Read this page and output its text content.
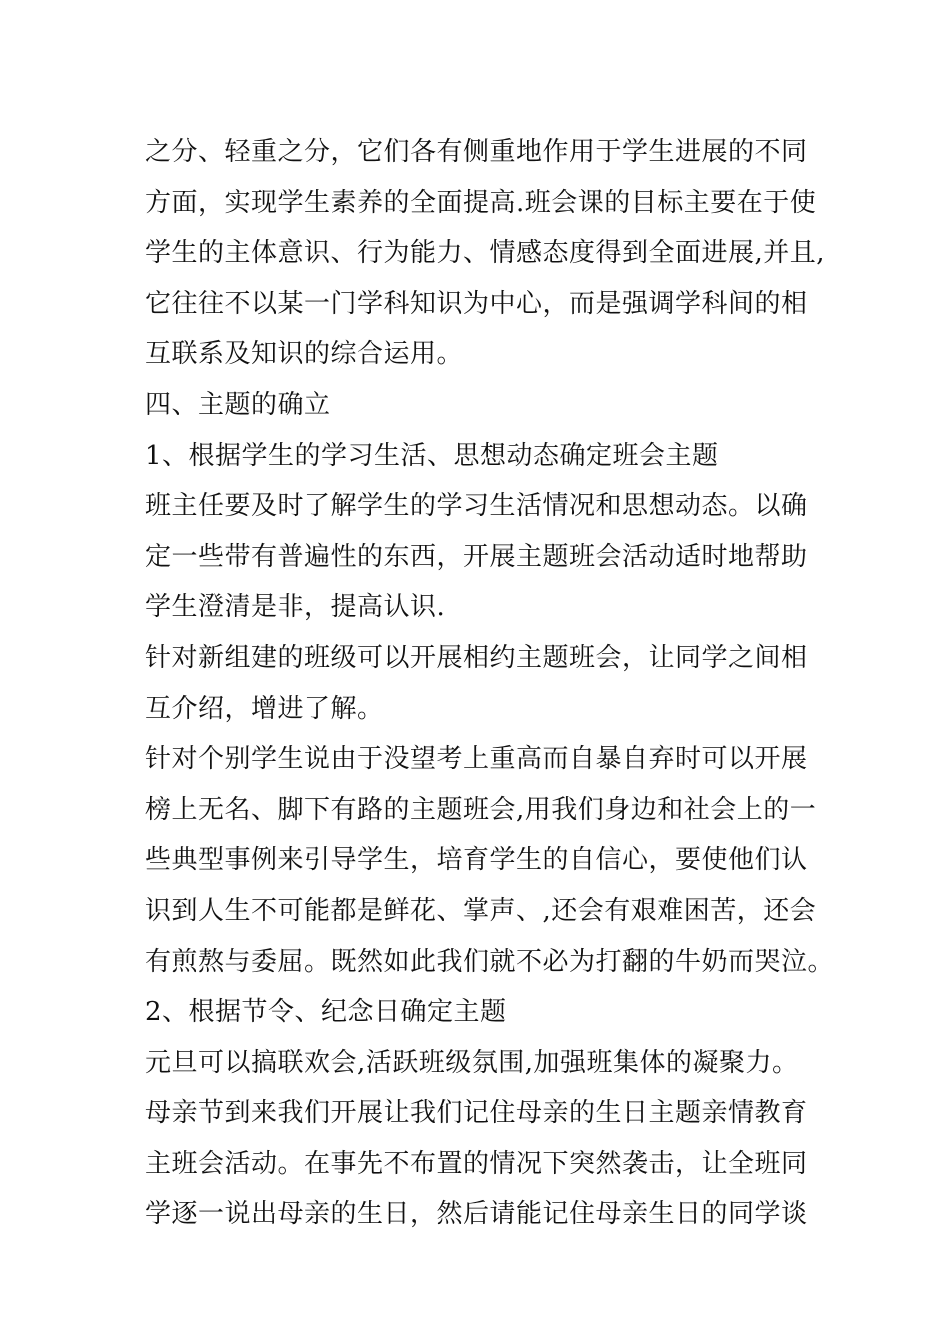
之分、轻重之分，它们各有侧重地作用于学生进展的不同
方面，实现学生素养的全面提高.班会课的目标主要在于使
学生的主体意识、行为能力、情感态度得到全面进展,并且,
它往往不以某一门学科知识为中心，而是强调学科间的相
互联系及知识的综合运用。
四、主题的确立
1、根据学生的学习生活、思想动态确定班会主题
班主任要及时了解学生的学习生活情况和思想动态。以确
定一些带有普遍性的东西，开展主题班会活动适时地帮助
学生澄清是非，提高认识.
针对新组建的班级可以开展相约主题班会，让同学之间相
互介绍，增进了解。
针对个别学生说由于没望考上重高而自暴自弃时可以开展
榜上无名、脚下有路的主题班会,用我们身边和社会上的一
些典型事例来引导学生，培育学生的自信心，要使他们认
识到人生不可能都是鲜花、掌声、,还会有艰难困苦，还会
有煎熬与委屈。既然如此我们就不必为打翻的牛奶而哭泣。
2、根据节令、纪念日确定主题
元旦可以搞联欢会,活跃班级氛围,加强班集体的凝聚力。
母亲节到来我们开展让我们记住母亲的生日主题亲情教育
主班会活动。在事先不布置的情况下突然袭击，让全班同
学逐一说出母亲的生日，然后请能记住母亲生日的同学谈
